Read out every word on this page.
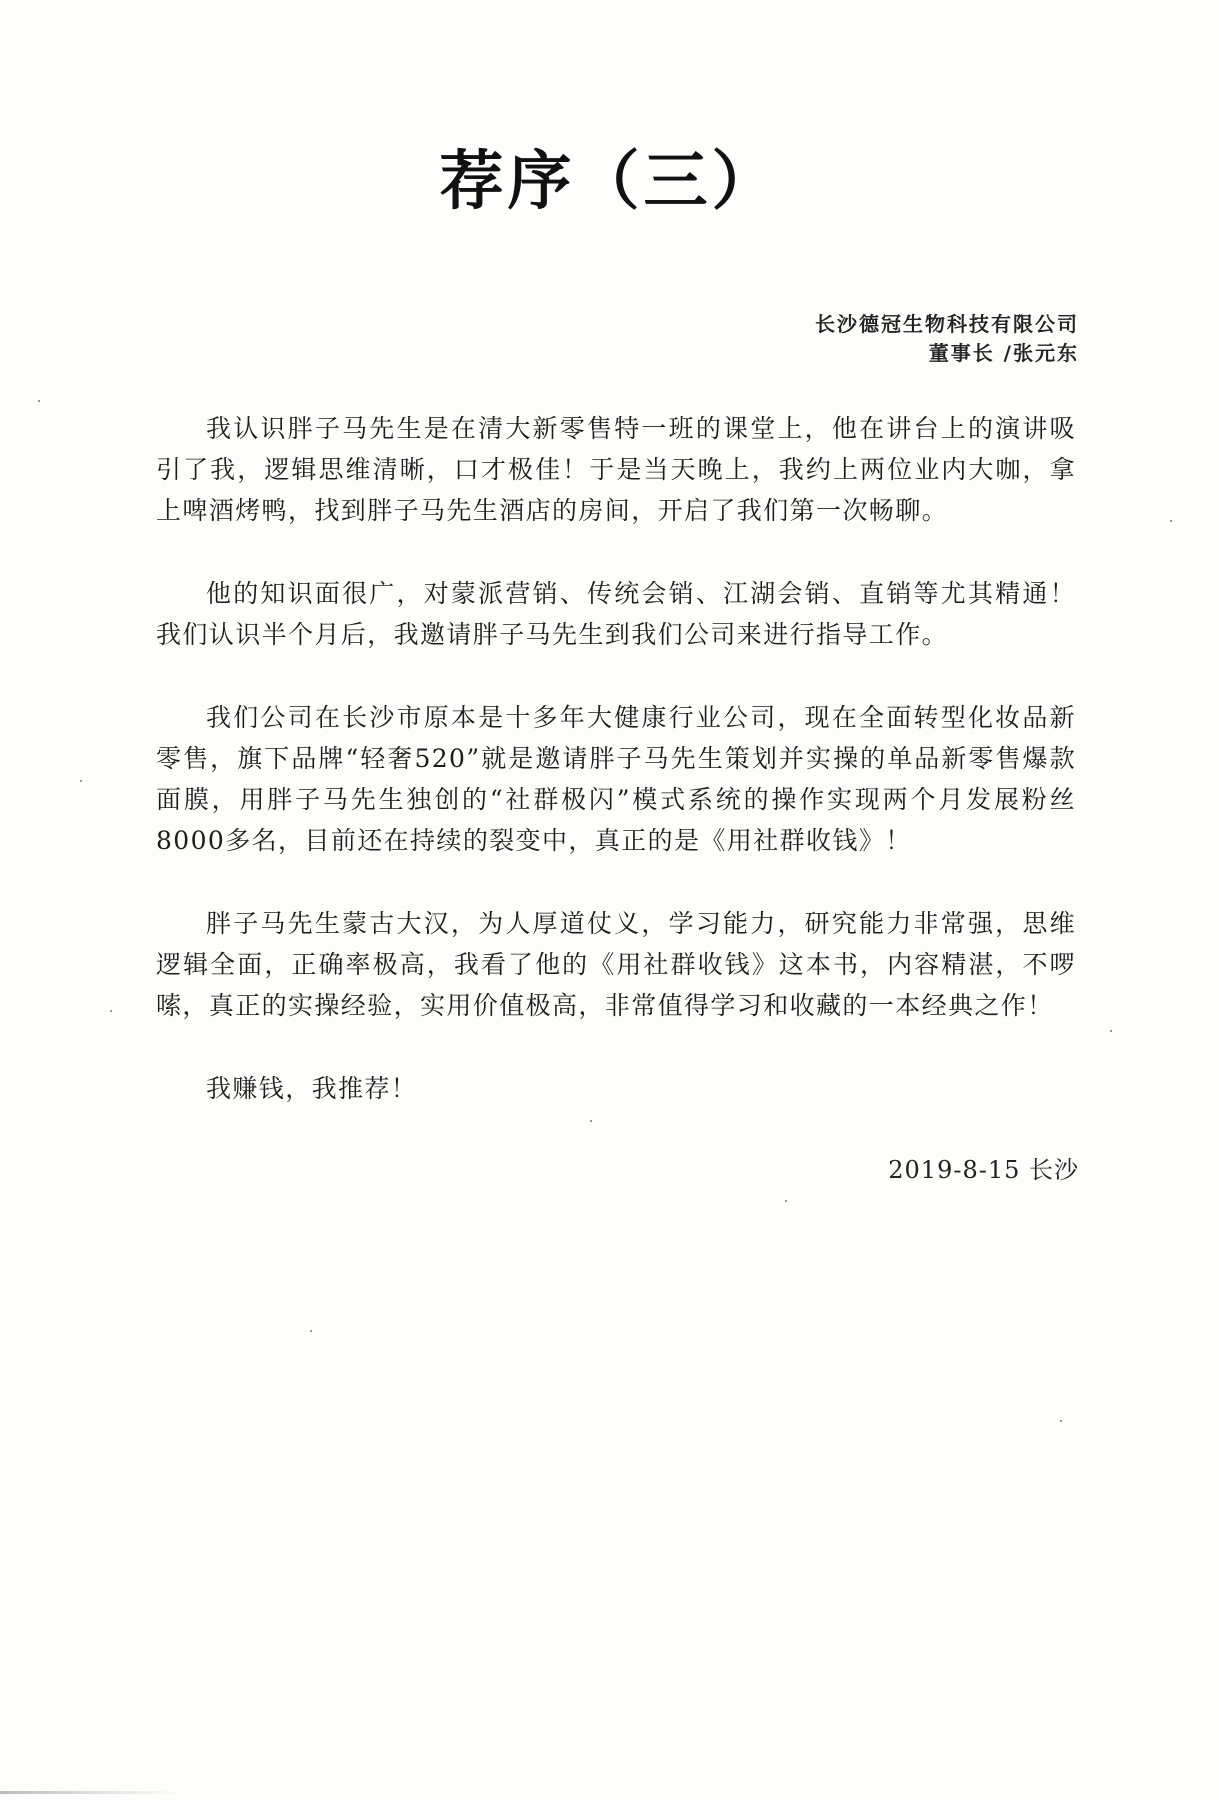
荐序（三）
长沙德冠生物科技有限公司
董事长 /张元东

我认识胖子马先生是在清大新零售特一班的课堂上，他在讲台上的演讲吸引了我，逻辑思维清晰，口才极佳！于是当天晚上，我约上两位业内大咖，拿上啤酒烤鸭，找到胖子马先生酒店的房间，开启了我们第一次畅聊。

他的知识面很广，对蒙派营销、传统会销、江湖会销、直销等尤其精通！我们认识半个月后，我邀请胖子马先生到我们公司来进行指导工作。

我们公司在长沙市原本是十多年大健康行业公司，现在全面转型化妆品新零售，旗下品牌“轻奢520”就是邀请胖子马先生策划并实操的单品新零售爆款面膜，用胖子马先生独创的“社群极闪”模式系统的操作实现两个月发展粉丝8000多名，目前还在持续的裂变中，真正的是《用社群收钱》！

胖子马先生蒙古大汉，为人厚道仗义，学习能力，研究能力非常强，思维逻辑全面，正确率极高，我看了他的《用社群收钱》这本书，内容精湛，不啰嗦，真正的实操经验，实用价值极高，非常值得学习和收藏的一本经典之作！

我赚钱，我推荐！

2019-8-15 长沙
